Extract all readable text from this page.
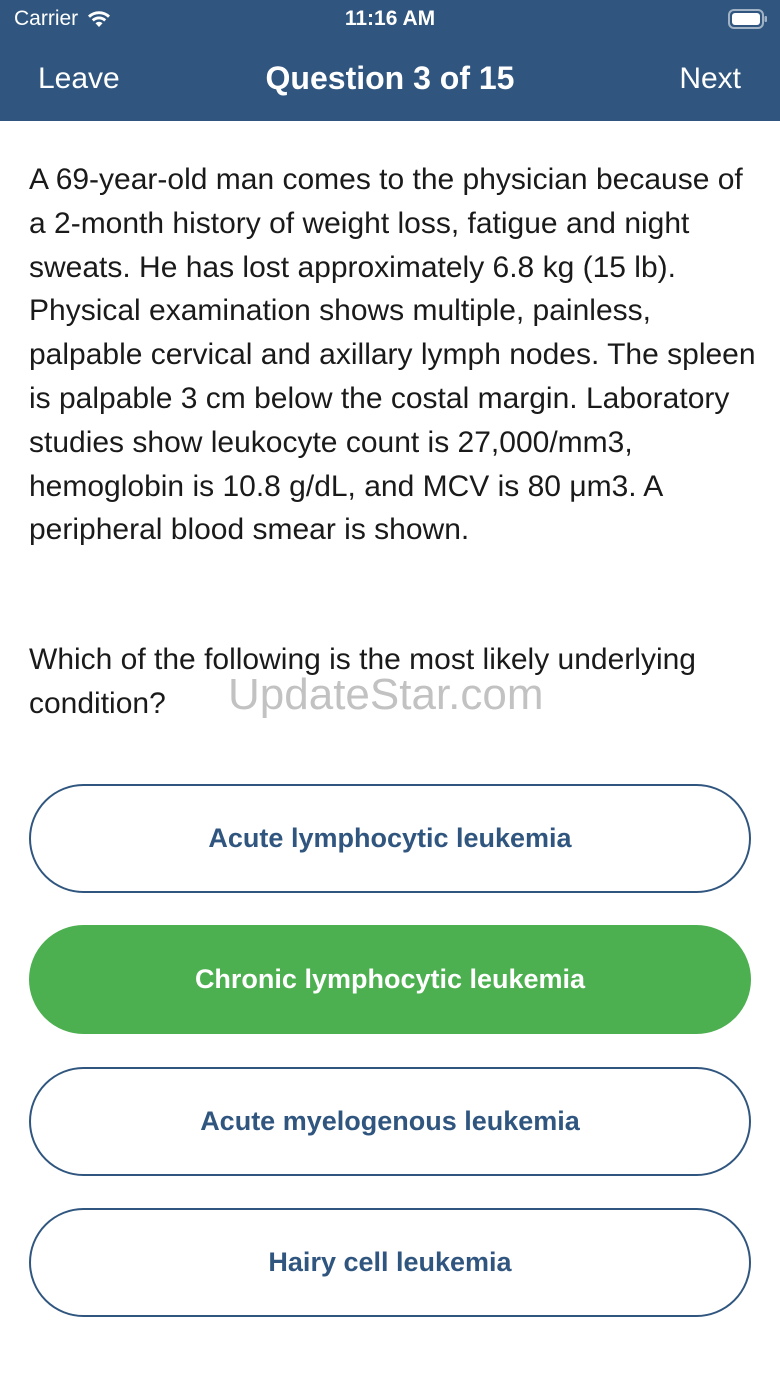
Carrier	11:16 AM
Leave	Question 3 of 15	Next

A 69-year-old man comes to the physician because of a 2-month history of weight loss, fatigue and night sweats. He has lost approximately 6.8 kg (15 lb). Physical examination shows multiple, painless, palpable cervical and axillary lymph nodes. The spleen is palpable 3 cm below the costal margin. Laboratory studies show leukocyte count is 27,000/mm3, hemoglobin is 10.8 g/dL, and MCV is 80 μm3. A peripheral blood smear is shown.

Which of the following is the most likely underlying condition?	UpdateStar.com
Acute lymphocytic leukemia
Chronic lymphocytic leukemia
Acute myelogenous leukemia
Hairy cell leukemia
